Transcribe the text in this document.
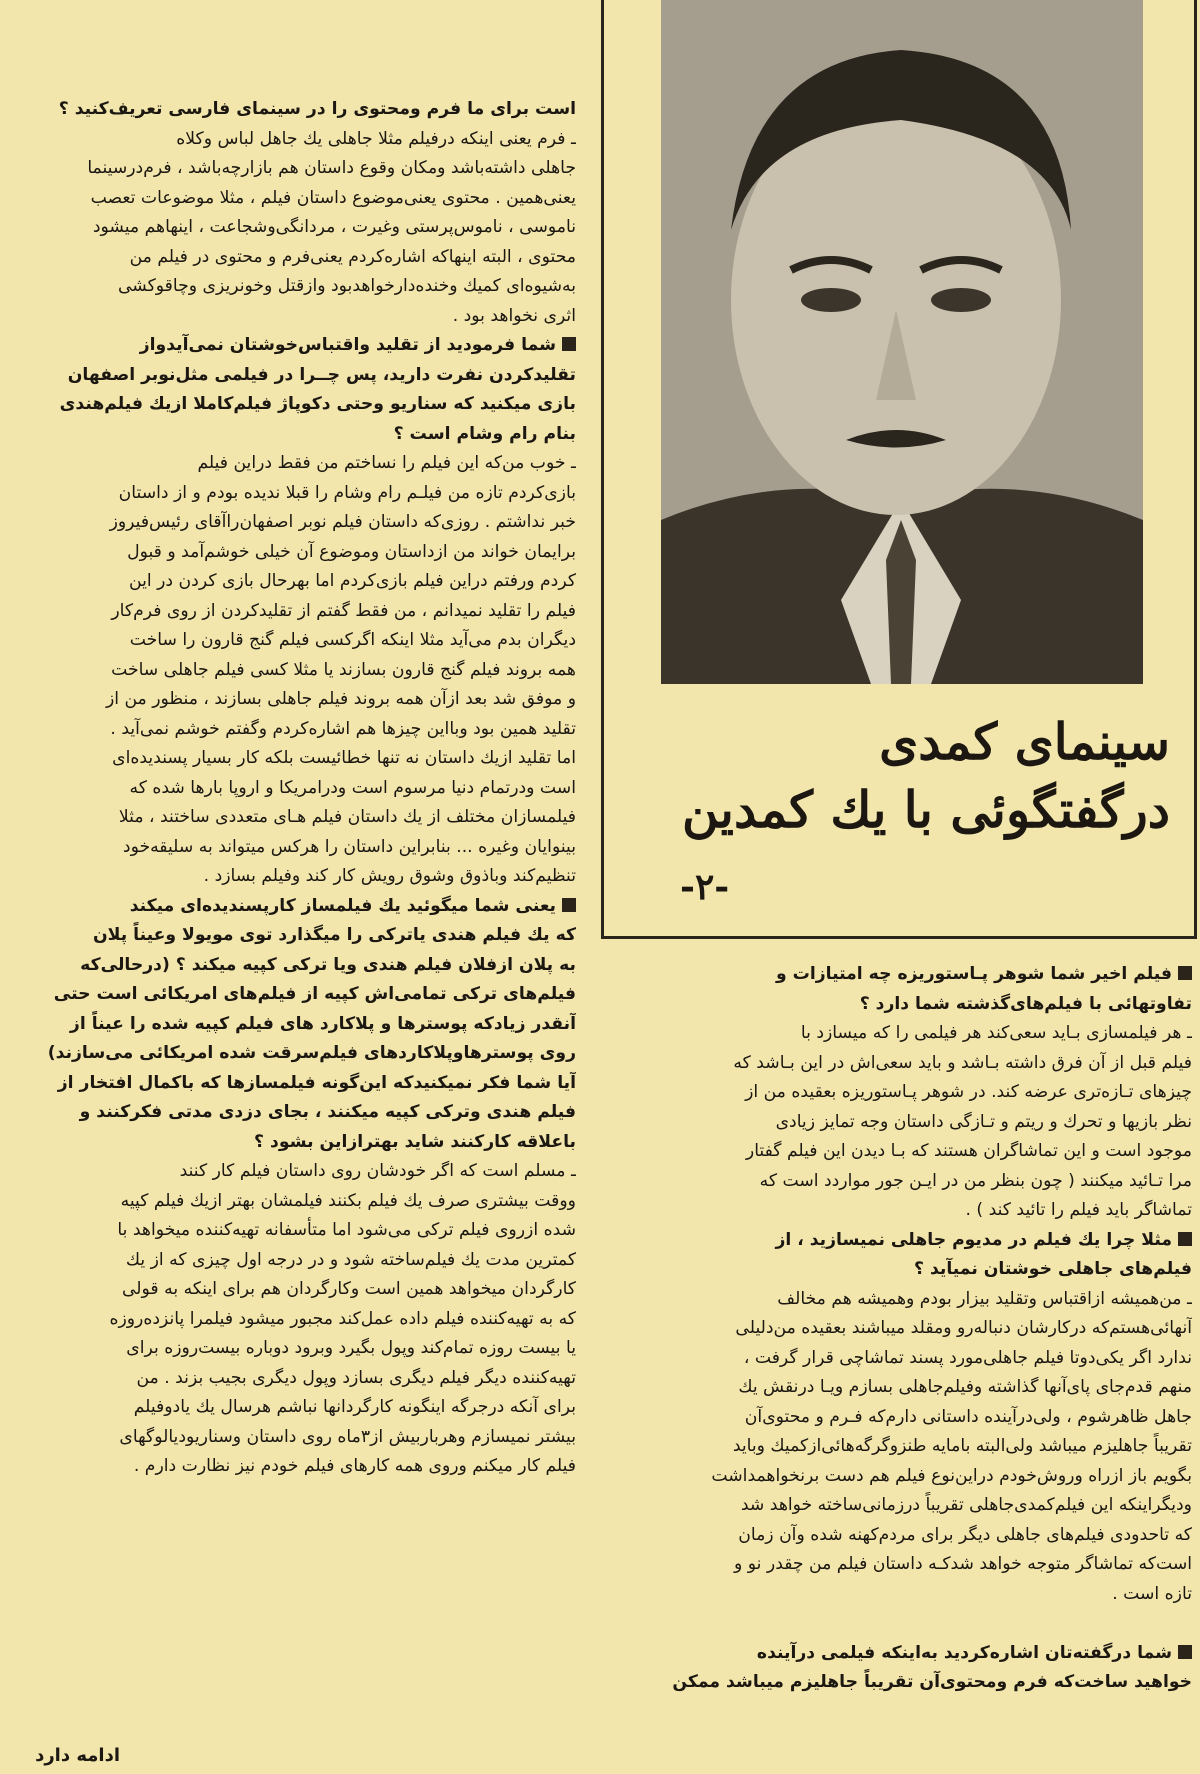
سینمای کمدی
درگفتگوئی با یك کمدین
-۲-

است برای ما فرم ومحتوی را در سینمای فارسی تعریف‌کنید ؟

ـ فرم یعنی اینکه درفیلم مثلا جاهلی یك جاهل لباس وکلاه

جاهلی داشته‌باشد ومکان وقوع داستان هم بازارچه‌باشد ، فرم‌درسینما

یعنی‌همین . محتوی یعنی‌موضوع داستان فیلم ، مثلا موضوعات تعصب

ناموسی ، ناموس‌پرستی وغیرت ، مردانگی‌وشجاعت ، اینهاهم میشود

محتوی ، البته اینهاکه اشاره‌کردم یعنی‌فرم و محتوی در فیلم من

به‌شیوه‌ای کمیك وخنده‌دارخواهدبود وازقتل وخونریزی وچاقوکشی

اثری نخواهد بود .

شما فرمودید از تقلید واقتباس‌خوشتان نمی‌آیدواز

تقلیدکردن نفرت دارید، پس چــرا در فیلمی مثل‌نوبر اصفهان

بازی میکنید که سناریو وحتی دکوپاژ فیلم‌کاملا ازیك فیلم‌هندی

بنام رام وشام است ؟

ـ خوب من‌که این فیلم را نساختم من فقط دراین فیلم

بازی‌کردم تازه من فیلـم رام وشام را قبلا ندیده بودم و از داستان

خبر نداشتم . روزی‌که داستان فیلم نوبر اصفهان‌راآقای رئیس‌فیروز

برایمان خواند من ازداستان وموضوع آن خیلی خوشم‌آمد و قبول

کردم ورفتم دراین فیلم بازی‌کردم اما بهرحال بازی کردن در این

فیلم را تقلید نمیدانم ، من فقط گفتم از تقلیدکردن از روی فرم‌کار

دیگران بدم می‌آید مثلا اینکه اگرکسی فیلم گنج قارون را ساخت

همه بروند فیلم گنج قارون بسازند یا مثلا کسی فیلم جاهلی ساخت

و موفق شد بعد ازآن همه بروند فیلم جاهلی بسازند ، منظور من از

تقلید همین بود وبااین چیزها هم اشاره‌کردم وگفتم خوشم نمی‌آید .

اما تقلید ازیك داستان نه تنها خطائیست بلکه کار بسیار پسندیده‌ای

است ودرتمام دنیا مرسوم است ودرامریکا و اروپا بارها شده که

فیلمسازان مختلف از یك داستان فیلم هـای متعددی ساختند ، مثلا

بینوایان وغیره ... بنابراین داستان را هرکس میتواند به سلیقه‌خود

تنظیم‌کند وباذوق وشوق رویش کار کند وفیلم بسازد .

یعنی شما میگوئید یك فیلمساز کارپسندیده‌ای میکند

که یك فیلم هندی یاترکی را میگذارد توی مویولا وعیناً پلان

به پلان ازفلان فیلم هندی ویا ترکی کپیه میکند ؟ (درحالی‌که

فیلم‌های ترکی تمامی‌اش کپیه از فیلم‌های امریکائی است حتی

آنقدر زیادکه پوسترها و پلاکارد های فیلم کپیه شده را عیناً از

روی پوسترهاوپلاکاردهای فیلم‌سرقت شده امریکائی می‌سازند)

آیا شما فکر نمیکنیدکه این‌گونه فیلمسازها که باکمال افتخار از

فیلم هندی وترکی کپیه میکنند ، بجای دزدی مدتی فکرکنند و

باعلاقه کارکنند شاید بهترازاین بشود ؟

ـ مسلم است که اگر خودشان روی داستان فیلم کار کنند

ووقت بیشتری صرف یك فیلم بکنند فیلمشان بهتر ازیك فیلم کپیه

شده ازروی فیلم ترکی می‌شود اما متأسفانه تهیه‌کننده میخواهد با

کمترین مدت یك فیلم‌ساخته شود و در درجه اول چیزی که از یك

کارگردان میخواهد همین است وکارگردان هم برای اینکه به قولی

که به تهیه‌کننده فیلم داده عمل‌کند مجبور میشود فیلمرا پانزده‌روزه

یا بیست روزه تمام‌کند وپول بگیرد وبرود دوباره بیست‌روزه برای

تهیه‌کننده دیگر فیلم دیگری بسازد وپول دیگری بجیب بزند . من

برای آنکه درجرگه اینگونه کارگردانها نباشم هرسال یك یادوفیلم

بیشتر نمیسازم وهرباربیش از۳ماه روی داستان وسناریودیالوگهای

فیلم کار میکنم وروی همه کارهای فیلم خودم نیز نظارت دارم .

فیلم اخیر شما شوهر پـاستوریزه چه امتیازات و

تفاوتهائی با فیلم‌های‌گذشته شما دارد ؟

ـ هر فیلمسازی بـاید سعی‌کند هر فیلمی را که میسازد با

فیلم قبل از آن فرق داشته بـاشد و باید سعی‌اش در این بـاشد که

چیزهای تـازه‌تری عرضه کند. در شوهر پـاستوریزه بعقیده‌ من از

نظر بازیها و تحرك و ریتم و تـازگی داستان وجه تمایز زیادی

موجود است و این تماشاگران هستند که بـا دیدن این فیلم گفتار

مرا تـائید میکنند ( چون بنظر من در ایـن جور مواردد است که

تماشاگر باید فیلم را تائید کند ) .

مثلا چرا یك فیلم در مدیوم جاهلی نمیسازید ، از

فیلم‌های جاهلی خوشتان نمیآید ؟

ـ من‌همیشه ازاقتباس وتقلید بیزار بودم وهمیشه هم مخالف

آنهائی‌هستم‌که درکارشان دنباله‌رو ومقلد میباشند بعقیده من‌دلیلی

ندارد اگر یکی‌دوتا فیلم جاهلی‌مورد پسند تماشاچی قرار گرفت ،

منهم قدم‌جای پای‌آنها گذاشته وفیلم‌جاهلی بسازم ویـا درنقش یك

جاهل ظاهرشوم ، ولی‌درآینده داستانی دارم‌که فـرم و محتوی‌آن

تقریباً جاهلیزم میباشد ولی‌البته بامایه طنزوگرگه‌هائی‌ازکمیك وباید

بگویم باز ازراه وروش‌خودم دراین‌نوع فیلم هم دست برنخواهمداشت

ودیگراینکه این فیلم‌کمدی‌جاهلی تقریباً درزمانی‌ساخته خواهد شد

که تاحدودی فیلم‌های جاهلی دیگر برای مردم‌کهنه شده وآن زمان

است‌که تماشاگر متوجه خواهد شدکـه داستان فیلم من چقدر نو و

تازه است .

شما درگفته‌تان اشاره‌کردید به‌اینکه فیلمی درآینده

خواهید ساخت‌که فرم ومحتوی‌آن تقریباً جاهلیزم میباشد ممکن

ادامه دارد
